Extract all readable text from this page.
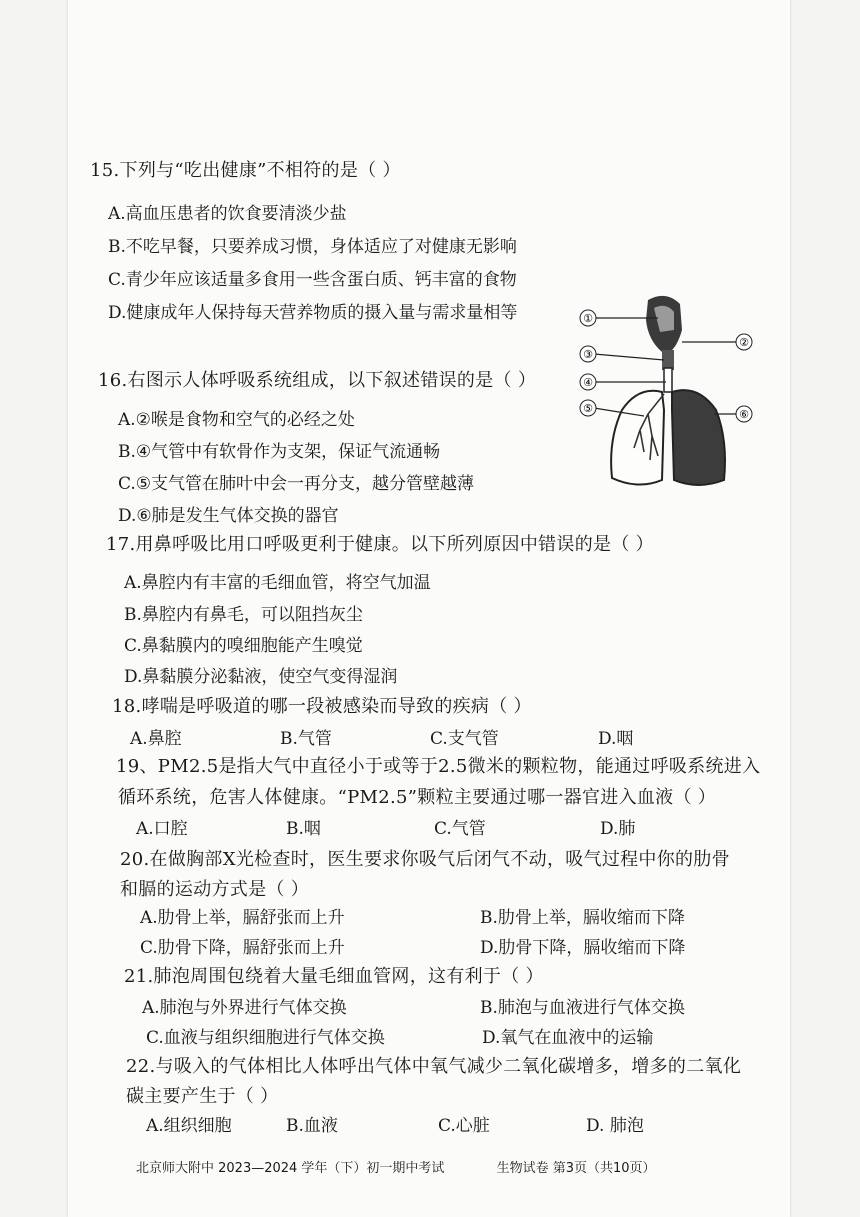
15.下列与“吃出健康”不相符的是（ ）
A.高血压患者的饮食要清淡少盐
B.不吃早餐，只要养成习惯，身体适应了对健康无影响
C.青少年应该适量多食用一些含蛋白质、钙丰富的食物
D.健康成年人保持每天营养物质的摄入量与需求量相等	①
②
③
④
⑤	⑥
16.右图示人体呼吸系统组成，以下叙述错误的是（ ）
A.②喉是食物和空气的必经之处
B.④气管中有软骨作为支架，保证气流通畅
C.⑤支气管在肺叶中会一再分支，越分管壁越薄
D.⑥肺是发生气体交换的器官
17.用鼻呼吸比用口呼吸更利于健康。以下所列原因中错误的是（ ）
A.鼻腔内有丰富的毛细血管，将空气加温
B.鼻腔内有鼻毛，可以阻挡灰尘
C.鼻黏膜内的嗅细胞能产生嗅觉
D.鼻黏膜分泌黏液，使空气变得湿润
18.哮喘是呼吸道的哪一段被感染而导致的疾病（ ）
A.鼻腔	B.气管	C.支气管	D.咽
19、PM2.5是指大气中直径小于或等于2.5微米的颗粒物，能通过呼吸系统进入
循环系统，危害人体健康。“PM2.5”颗粒主要通过哪一器官进入血液（ ）
A.口腔	B.咽	C.气管	D.肺
20.在做胸部X光检查时，医生要求你吸气后闭气不动，吸气过程中你的肋骨
和膈的运动方式是（ ）
A.肋骨上举，膈舒张而上升	B.肋骨上举，膈收缩而下降
C.肋骨下降，膈舒张而上升	D.肋骨下降，膈收缩而下降
21.肺泡周围包绕着大量毛细血管网，这有利于（ ）
A.肺泡与外界进行气体交换	B.肺泡与血液进行气体交换
C.血液与组织细胞进行气体交换	D.氧气在血液中的运输
22.与吸入的气体相比人体呼出气体中氧气减少二氧化碳增多，增多的二氧化
碳主要产生于（ ）
A.组织细胞	B.血液	C.心脏	D. 肺泡
北京师大附中 2023—2024 学年（下）初一期中考试	生物试卷 第3页（共10页）
